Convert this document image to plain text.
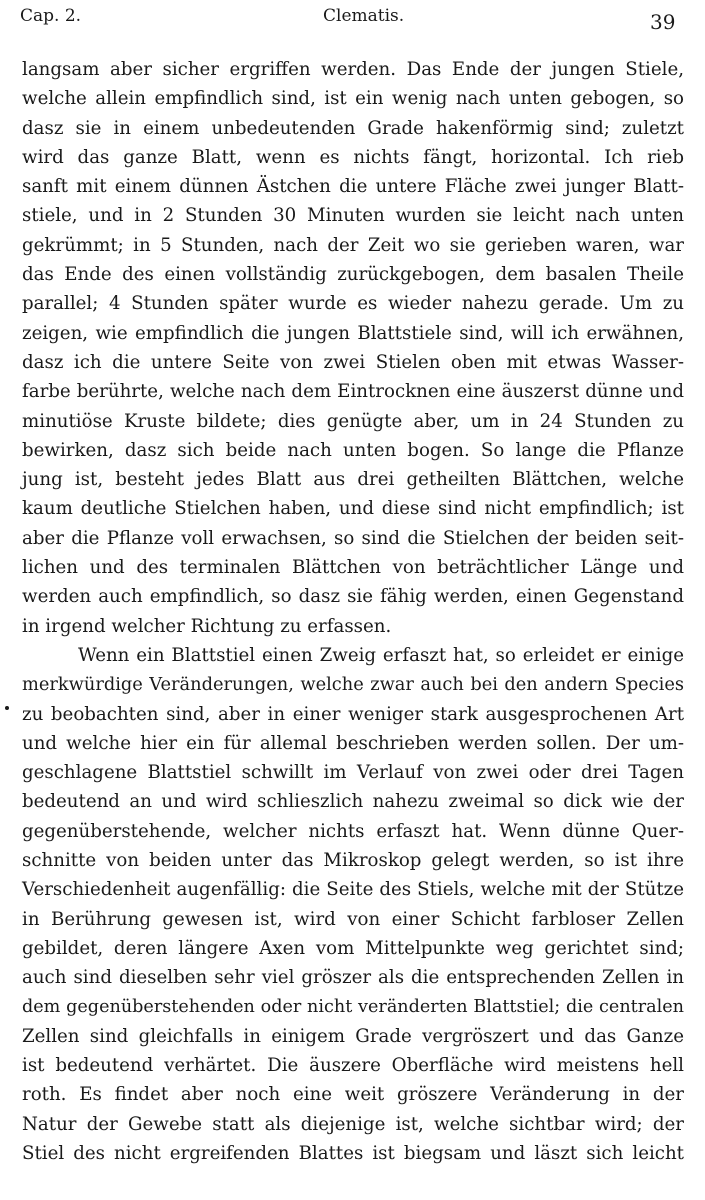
Cap. 2.	Clematis.	39
langsam aber sicher ergriffen werden. Das Ende der jungen Stiele,
welche allein empfindlich sind, ist ein wenig nach unten gebogen, so
dasz sie in einem unbedeutenden Grade hakenförmig sind; zuletzt
wird das ganze Blatt, wenn es nichts fängt, horizontal. Ich rieb
sanft mit einem dünnen Ästchen die untere Fläche zwei junger Blatt-
stiele, und in 2 Stunden 30 Minuten wurden sie leicht nach unten
gekrümmt; in 5 Stunden, nach der Zeit wo sie gerieben waren, war
das Ende des einen vollständig zurückgebogen, dem basalen Theile
parallel; 4 Stunden später wurde es wieder nahezu gerade. Um zu
zeigen, wie empfindlich die jungen Blattstiele sind, will ich erwähnen,
dasz ich die untere Seite von zwei Stielen oben mit etwas Wasser-
farbe berührte, welche nach dem Eintrocknen eine äuszerst dünne und
minutiöse Kruste bildete; dies genügte aber, um in 24 Stunden zu
bewirken, dasz sich beide nach unten bogen. So lange die Pflanze
jung ist, besteht jedes Blatt aus drei getheilten Blättchen, welche
kaum deutliche Stielchen haben, und diese sind nicht empfindlich; ist
aber die Pflanze voll erwachsen, so sind die Stielchen der beiden seit-
lichen und des terminalen Blättchen von beträchtlicher Länge und
werden auch empfindlich, so dasz sie fähig werden, einen Gegenstand
in irgend welcher Richtung zu erfassen.
Wenn ein Blattstiel einen Zweig erfaszt hat, so erleidet er einige
merkwürdige Veränderungen, welche zwar auch bei den andern Species
zu beobachten sind, aber in einer weniger stark ausgesprochenen Art
und welche hier ein für allemal beschrieben werden sollen. Der um-
geschlagene Blattstiel schwillt im Verlauf von zwei oder drei Tagen
bedeutend an und wird schlieszlich nahezu zweimal so dick wie der
gegenüberstehende, welcher nichts erfaszt hat. Wenn dünne Quer-
schnitte von beiden unter das Mikroskop gelegt werden, so ist ihre
Verschiedenheit augenfällig: die Seite des Stiels, welche mit der Stütze
in Berührung gewesen ist, wird von einer Schicht farbloser Zellen
gebildet, deren längere Axen vom Mittelpunkte weg gerichtet sind;
auch sind dieselben sehr viel gröszer als die entsprechenden Zellen in
dem gegenüberstehenden oder nicht veränderten Blattstiel; die centralen
Zellen sind gleichfalls in einigem Grade vergröszert und das Ganze
ist bedeutend verhärtet. Die äuszere Oberfläche wird meistens hell
roth. Es findet aber noch eine weit gröszere Veränderung in der
Natur der Gewebe statt als diejenige ist, welche sichtbar wird; der
Stiel des nicht ergreifenden Blattes ist biegsam und läszt sich leicht
